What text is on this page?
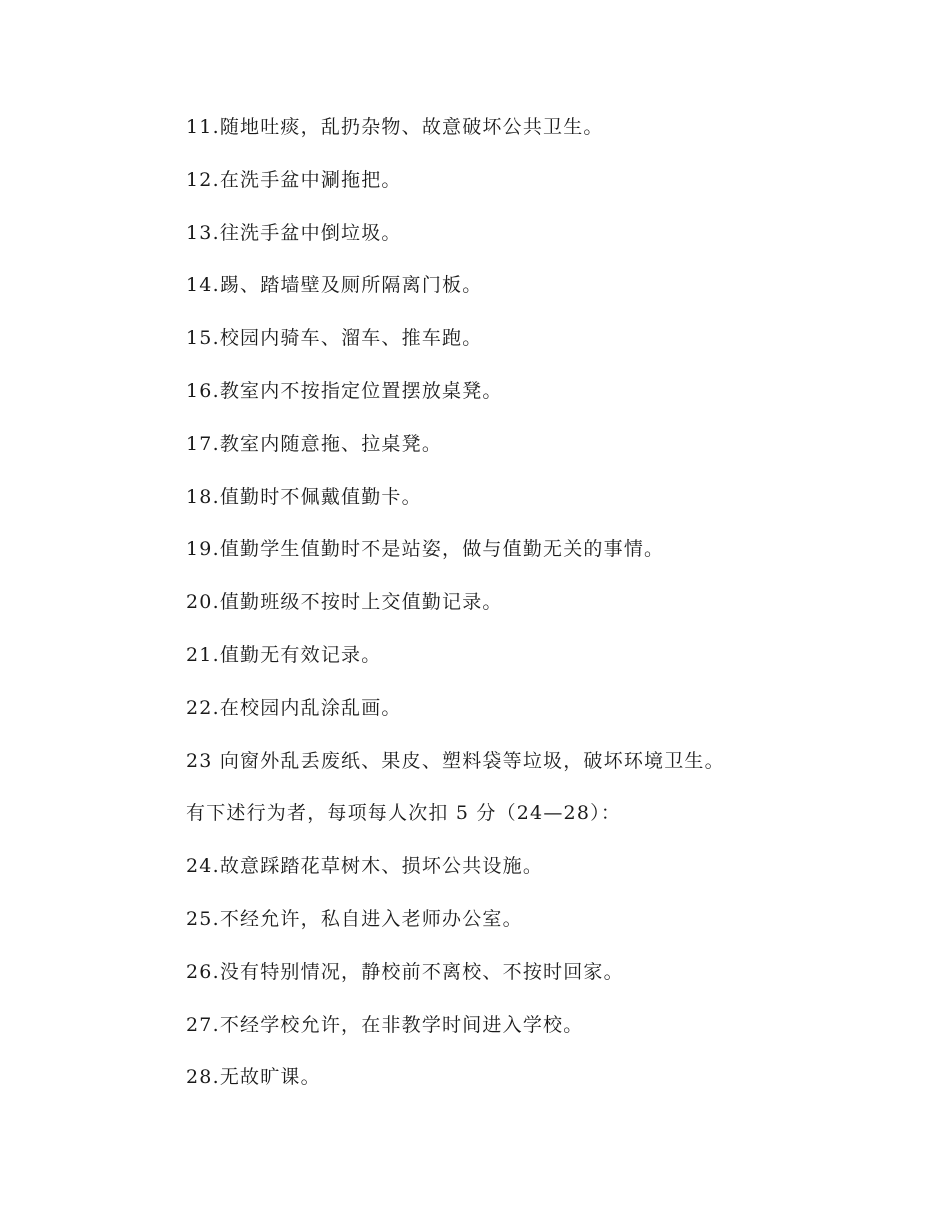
11.随地吐痰，乱扔杂物、故意破坏公共卫生。
12.在洗手盆中涮拖把。
13.往洗手盆中倒垃圾。
14.踢、踏墙壁及厕所隔离门板。
15.校园内骑车、溜车、推车跑。
16.教室内不按指定位置摆放桌凳。
17.教室内随意拖、拉桌凳。
18.值勤时不佩戴值勤卡。
19.值勤学生值勤时不是站姿，做与值勤无关的事情。
20.值勤班级不按时上交值勤记录。
21.值勤无有效记录。
22.在校园内乱涂乱画。
23 向窗外乱丢废纸、果皮、塑料袋等垃圾，破坏环境卫生。
有下述行为者，每项每人次扣 5 分（24—28）：
24.故意踩踏花草树木、损坏公共设施。
25.不经允许，私自进入老师办公室。
26.没有特别情况，静校前不离校、不按时回家。
27.不经学校允许，在非教学时间进入学校。
28.无故旷课。
